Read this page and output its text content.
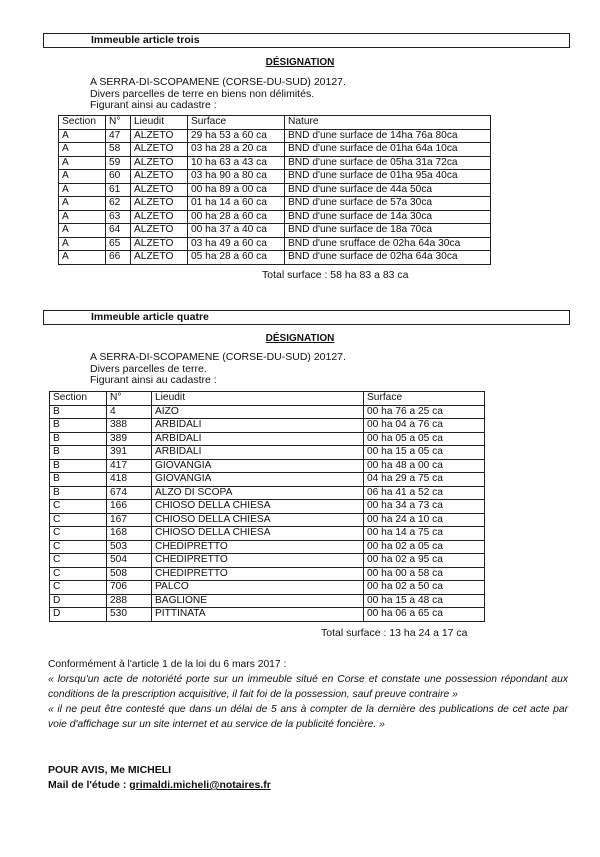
Immeuble article trois
DÉSIGNATION
A SERRA-DI-SCOPAMENE (CORSE-DU-SUD) 20127.
Divers parcelles de terre en biens non délimités.
Figurant ainsi au cadastre :
Section	N°	Lieudit	Surface	Nature
A	47	ALZETO	29 ha 53 a 60 ca	BND d'une surface de 14ha 76a 80ca
A	58	ALZETO	03 ha 28 a 20 ca	BND d'une surface de 01ha 64a 10ca
A	59	ALZETO	10 ha 63 a 43 ca	BND d'une surface de 05ha 31a 72ca
A	60	ALZETO	03 ha 90 a 80 ca	BND d'une surface de 01ha 95a 40ca
A	61	ALZETO	00 ha 89 a 00 ca	BND d'une surface de 44a 50ca
A	62	ALZETO	01 ha 14 a 60 ca	BND d'une surface de 57a 30ca
A	63	ALZETO	00 ha 28 a 60 ca	BND d'une surface de 14a 30ca
A	64	ALZETO	00 ha 37 a 40 ca	BND d'une surface de 18a 70ca
A	65	ALZETO	03 ha 49 a 60 ca	BND d'une srufface de 02ha 64a 30ca
A	66	ALZETO	05 ha 28 a 60 ca	BND d'une surface de 02ha 64a 30ca
Total surface : 58 ha 83 a 83 ca
Immeuble article quatre
DÉSIGNATION
A SERRA-DI-SCOPAMENE (CORSE-DU-SUD) 20127.
Divers parcelles de terre.
Figurant ainsi au cadastre :
Section	N°	Lieudit	Surface
B	4	AIZO	00 ha 76 a 25 ca
B	388	ARBIDALI	00 ha 04 a 76 ca
B	389	ARBIDALI	00 ha 05 a 05 ca
B	391	ARBIDALI	00 ha 15 a 05 ca
B	417	GIOVANGIA	00 ha 48 a 00 ca
B	418	GIOVANGIA	04 ha 29 a 75 ca
B	674	ALZO DI SCOPA	06 ha 41 a 52 ca
C	166	CHIOSO DELLA CHIESA	00 ha 34 a 73 ca
C	167	CHIOSO DELLA CHIESA	00 ha 24 a 10 ca
C	168	CHIOSO DELLA CHIESA	00 ha 14 a 75 ca
C	503	CHEDIPRETTO	00 ha 02 a 05 ca
C	504	CHEDIPRETTO	00 ha 02 a 95 ca
C	508	CHEDIPRETTO	00 ha 00 a 58 ca
C	706	PALCO	00 ha 02 a 50 ca
D	288	BAGLIONE	00 ha 15 a 48 ca
D	530	PITTINATA	00 ha 06 a 65 ca
Total surface : 13 ha 24 a 17 ca

Conformément à l'article 1 de la loi du 6 mars 2017 :

« lorsqu'un acte de notoriété porte sur un immeuble situé en Corse et constate une possession répondant aux conditions de la prescription acquisitive, il fait foi de la possession, sauf preuve contraire »

« il ne peut être contesté que dans un délai de 5 ans à compter de la dernière des publications de cet acte par voie d'affichage sur un site internet et au service de la publicité foncière. »

POUR AVIS, Me MICHELI
Mail de l'étude : grimaldi.micheli@notaires.fr
